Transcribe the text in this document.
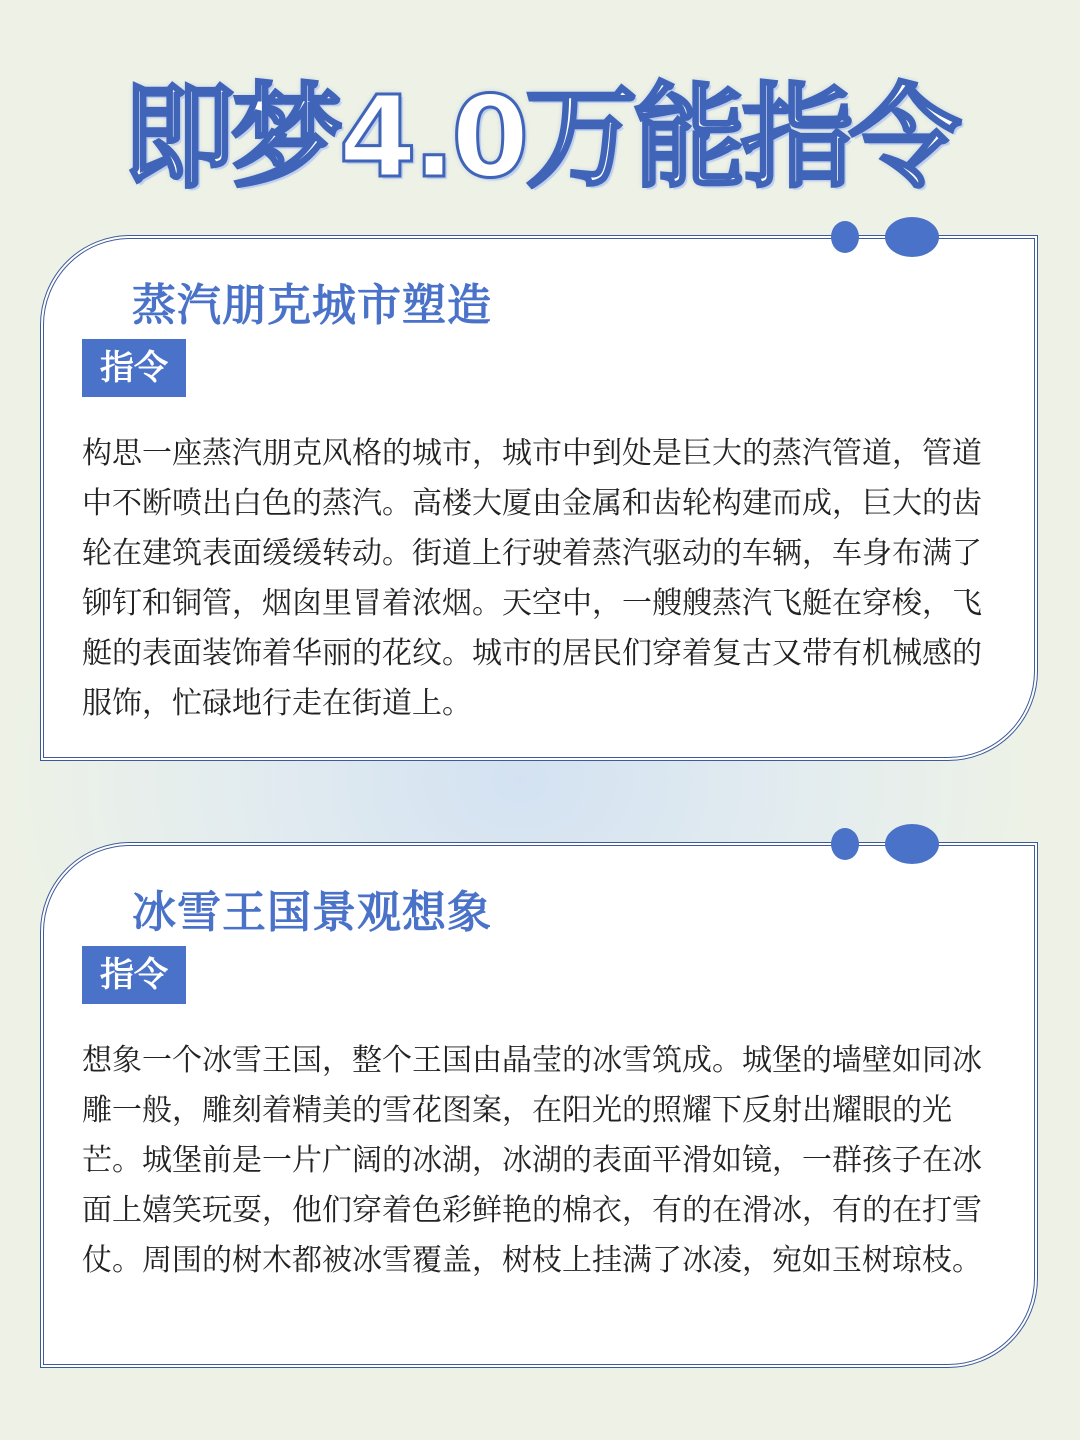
即梦4.0万能指令
蒸汽朋克城市塑造
指令
构思一座蒸汽朋克风格的城市，城市中到处是巨大的蒸汽管道，管道中不断喷出白色的蒸汽。高楼大厦由金属和齿轮构建而成，巨大的齿轮在建筑表面缓缓转动。街道上行驶着蒸汽驱动的车辆，车身布满了铆钉和铜管，烟囱里冒着浓烟。天空中，一艘艘蒸汽飞艇在穿梭，飞艇的表面装饰着华丽的花纹。城市的居民们穿着复古又带有机械感的服饰，忙碌地行走在街道上。
冰雪王国景观想象
指令
想象一个冰雪王国，整个王国由晶莹的冰雪筑成。城堡的墙壁如同冰雕一般，雕刻着精美的雪花图案，在阳光的照耀下反射出耀眼的光芒。城堡前是一片广阔的冰湖，冰湖的表面平滑如镜，一群孩子在冰面上嬉笑玩耍，他们穿着色彩鲜艳的棉衣，有的在滑冰，有的在打雪仗。周围的树木都被冰雪覆盖，树枝上挂满了冰凌，宛如玉树琼枝。
